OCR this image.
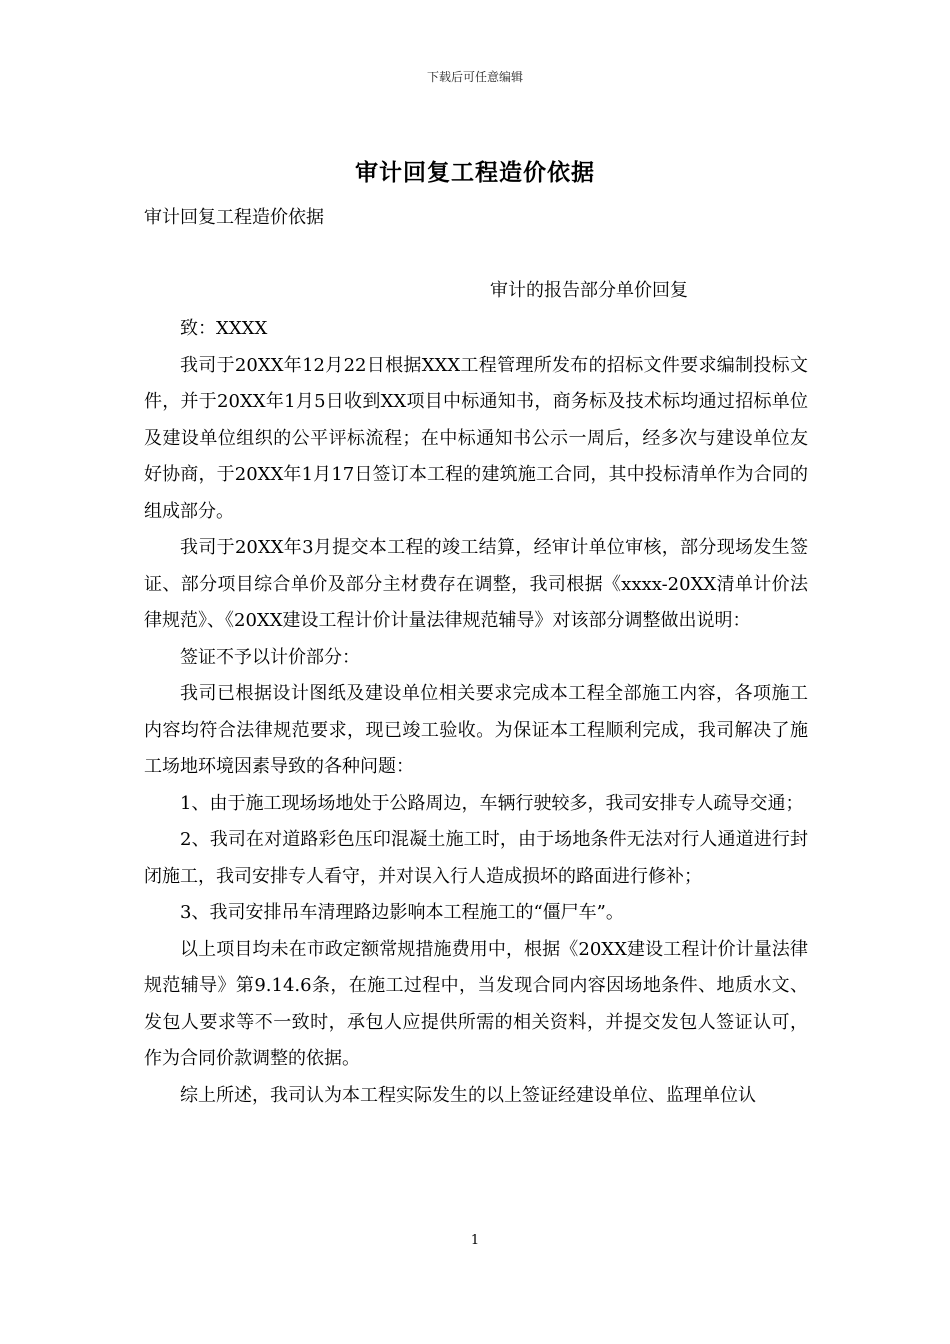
下载后可任意编辑
审计回复工程造价依据
审计回复工程造价依据
审计的报告部分单价回复

致：XXXX

我司于20XX年12月22日根据XXX工程管理所发布的招标文件要求编制投标文件，并于20XX年1月5日收到XX项目中标通知书，商务标及技术标均通过招标单位及建设单位组织的公平评标流程；在中标通知书公示一周后，经多次与建设单位友好协商，于20XX年1月17日签订本工程的建筑施工合同，其中投标清单作为合同的组成部分。

我司于20XX年3月提交本工程的竣工结算，经审计单位审核，部分现场发生签证、部分项目综合单价及部分主材费存在调整，我司根据《xxxx-20XX清单计价法律规范》、《20XX建设工程计价计量法律规范辅导》对该部分调整做出说明：

签证不予以计价部分：

我司已根据设计图纸及建设单位相关要求完成本工程全部施工内容，各项施工内容均符合法律规范要求，现已竣工验收。为保证本工程顺利完成，我司解决了施工场地环境因素导致的各种问题：

1、由于施工现场场地处于公路周边，车辆行驶较多，我司安排专人疏导交通；

2、我司在对道路彩色压印混凝土施工时，由于场地条件无法对行人通道进行封闭施工，我司安排专人看守，并对误入行人造成损坏的路面进行修补；

3、我司安排吊车清理路边影响本工程施工的“僵尸车”。

以上项目均未在市政定额常规措施费用中，根据《20XX建设工程计价计量法律规范辅导》第9.14.6条，在施工过程中，当发现合同内容因场地条件、地质水文、发包人要求等不一致时，承包人应提供所需的相关资料，并提交发包人签证认可，作为合同价款调整的依据。

综上所述，我司认为本工程实际发生的以上签证经建设单位、监理单位认

1
